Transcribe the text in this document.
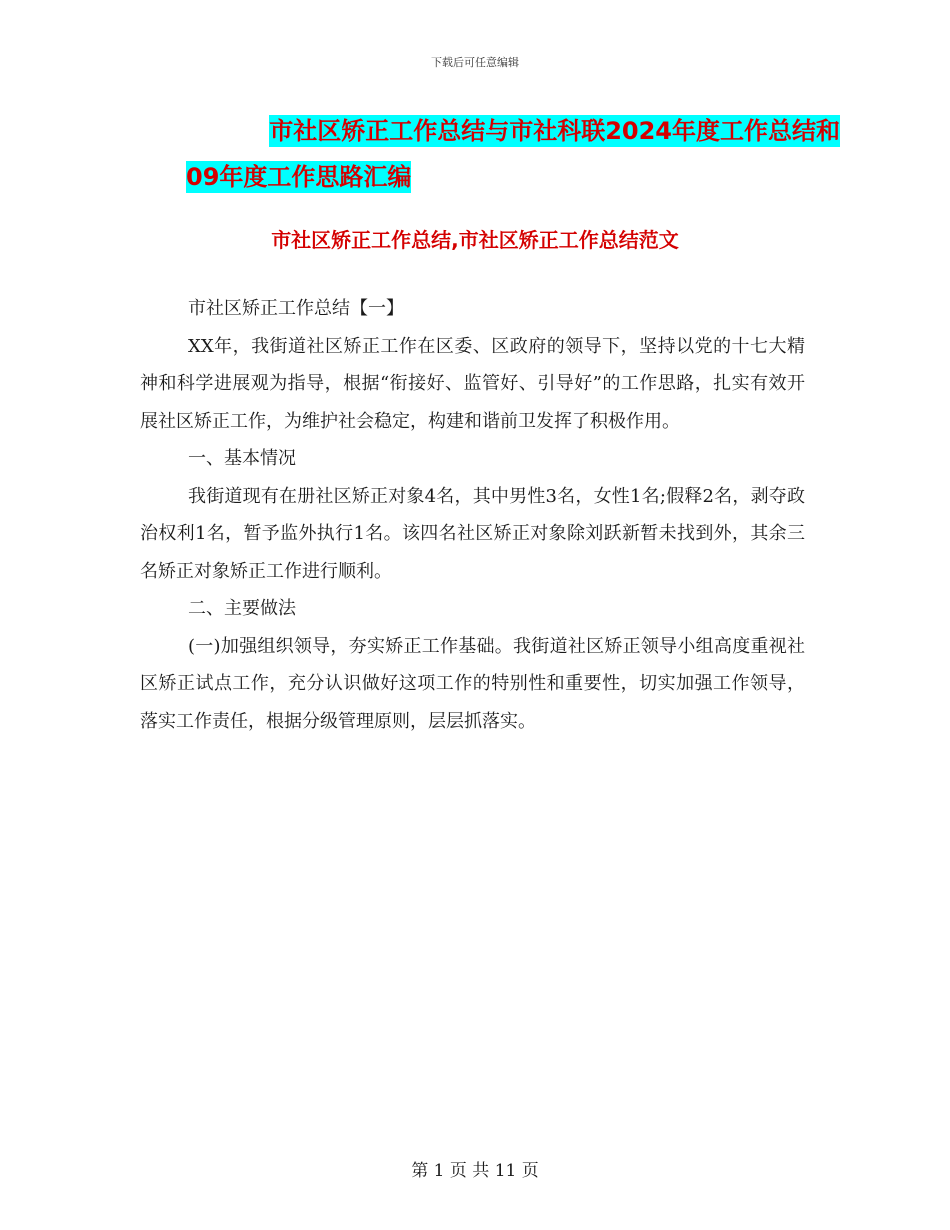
下载后可任意编辑
市社区矫正工作总结与市社科联2024年度工作总结和
09年度工作思路汇编
市社区矫正工作总结,市社区矫正工作总结范文

市社区矫正工作总结【一】

XX年，我街道社区矫正工作在区委、区政府的领导下，坚持以党的十七大精神和科学进展观为指导，根据“衔接好、监管好、引导好”的工作思路，扎实有效开展社区矫正工作，为维护社会稳定，构建和谐前卫发挥了积极作用。

一、基本情况

我街道现有在册社区矫正对象4名，其中男性3名，女性1名;假释2名，剥夺政治权利1名，暂予监外执行1名。该四名社区矫正对象除刘跃新暂未找到外，其余三名矫正对象矫正工作进行顺利。

二、主要做法

(一)加强组织领导，夯实矫正工作基础。我街道社区矫正领导小组高度重视社区矫正试点工作，充分认识做好这项工作的特别性和重要性，切实加强工作领导， 落实工作责任，根据分级管理原则，层层抓落实。

第 1 页 共 11 页
